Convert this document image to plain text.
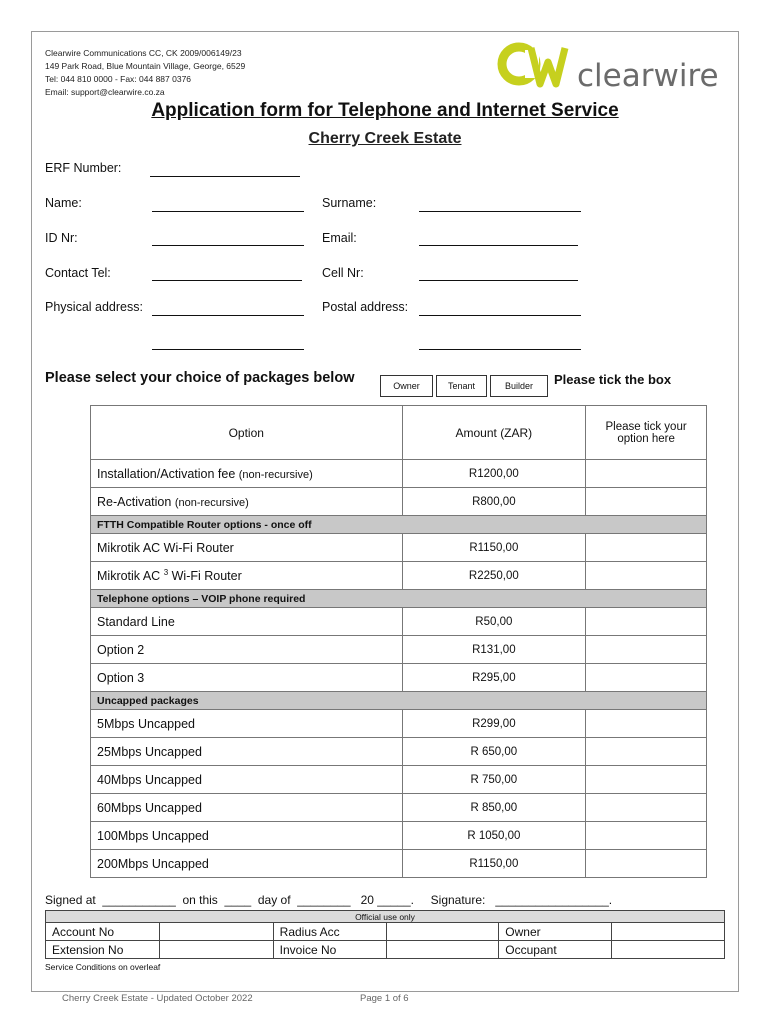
Clearwire Communications CC, CK 2009/006149/23
149 Park Road, Blue Mountain Village, George, 6529
Tel: 044 810 0000 - Fax: 044 887 0376
Email: support@clearwire.co.za	clearwire
Application form for Telephone and Internet Service
Cherry Creek Estate
ERF Number:
Name:	Surname:
ID Nr:	Email:
Contact Tel:	Cell Nr:
Physical address:	Postal address:
Please select your choice of packages below	Owner	Tenant	Builder	Please tick the box
Option	Amount (ZAR)	Please tick your option here
Installation/Activation fee (non-recursive)	R1200,00	
Re-Activation (non-recursive)	R800,00	
FTTH Compatible Router options - once off		
Mikrotik AC Wi-Fi Router	R1150,00	
Mikrotik AC $^3$ Wi-Fi Router	R2250,00	
Telephone options – VOIP phone required		
Standard Line	R50,00	
Option 2	R131,00	
Option 3	R295,00	
Uncapped packages		
5Mbps Uncapped	R299,00	
25Mbps Uncapped	R 650,00	
40Mbps Uncapped	R 750,00	
60Mbps Uncapped	R 850,00	
100Mbps Uncapped	R 1050,00	
200Mbps Uncapped	R1150,00	
Signed at  ___________  on this  ____  day of  ________   20 _____.     Signature:   _________________.
Official use only					
Account No		Radius Acc		Owner	
Extension No		Invoice No		Occupant	
Service Conditions on overleaf
Cherry Creek Estate - Updated October 2022	Page 1 of 6
